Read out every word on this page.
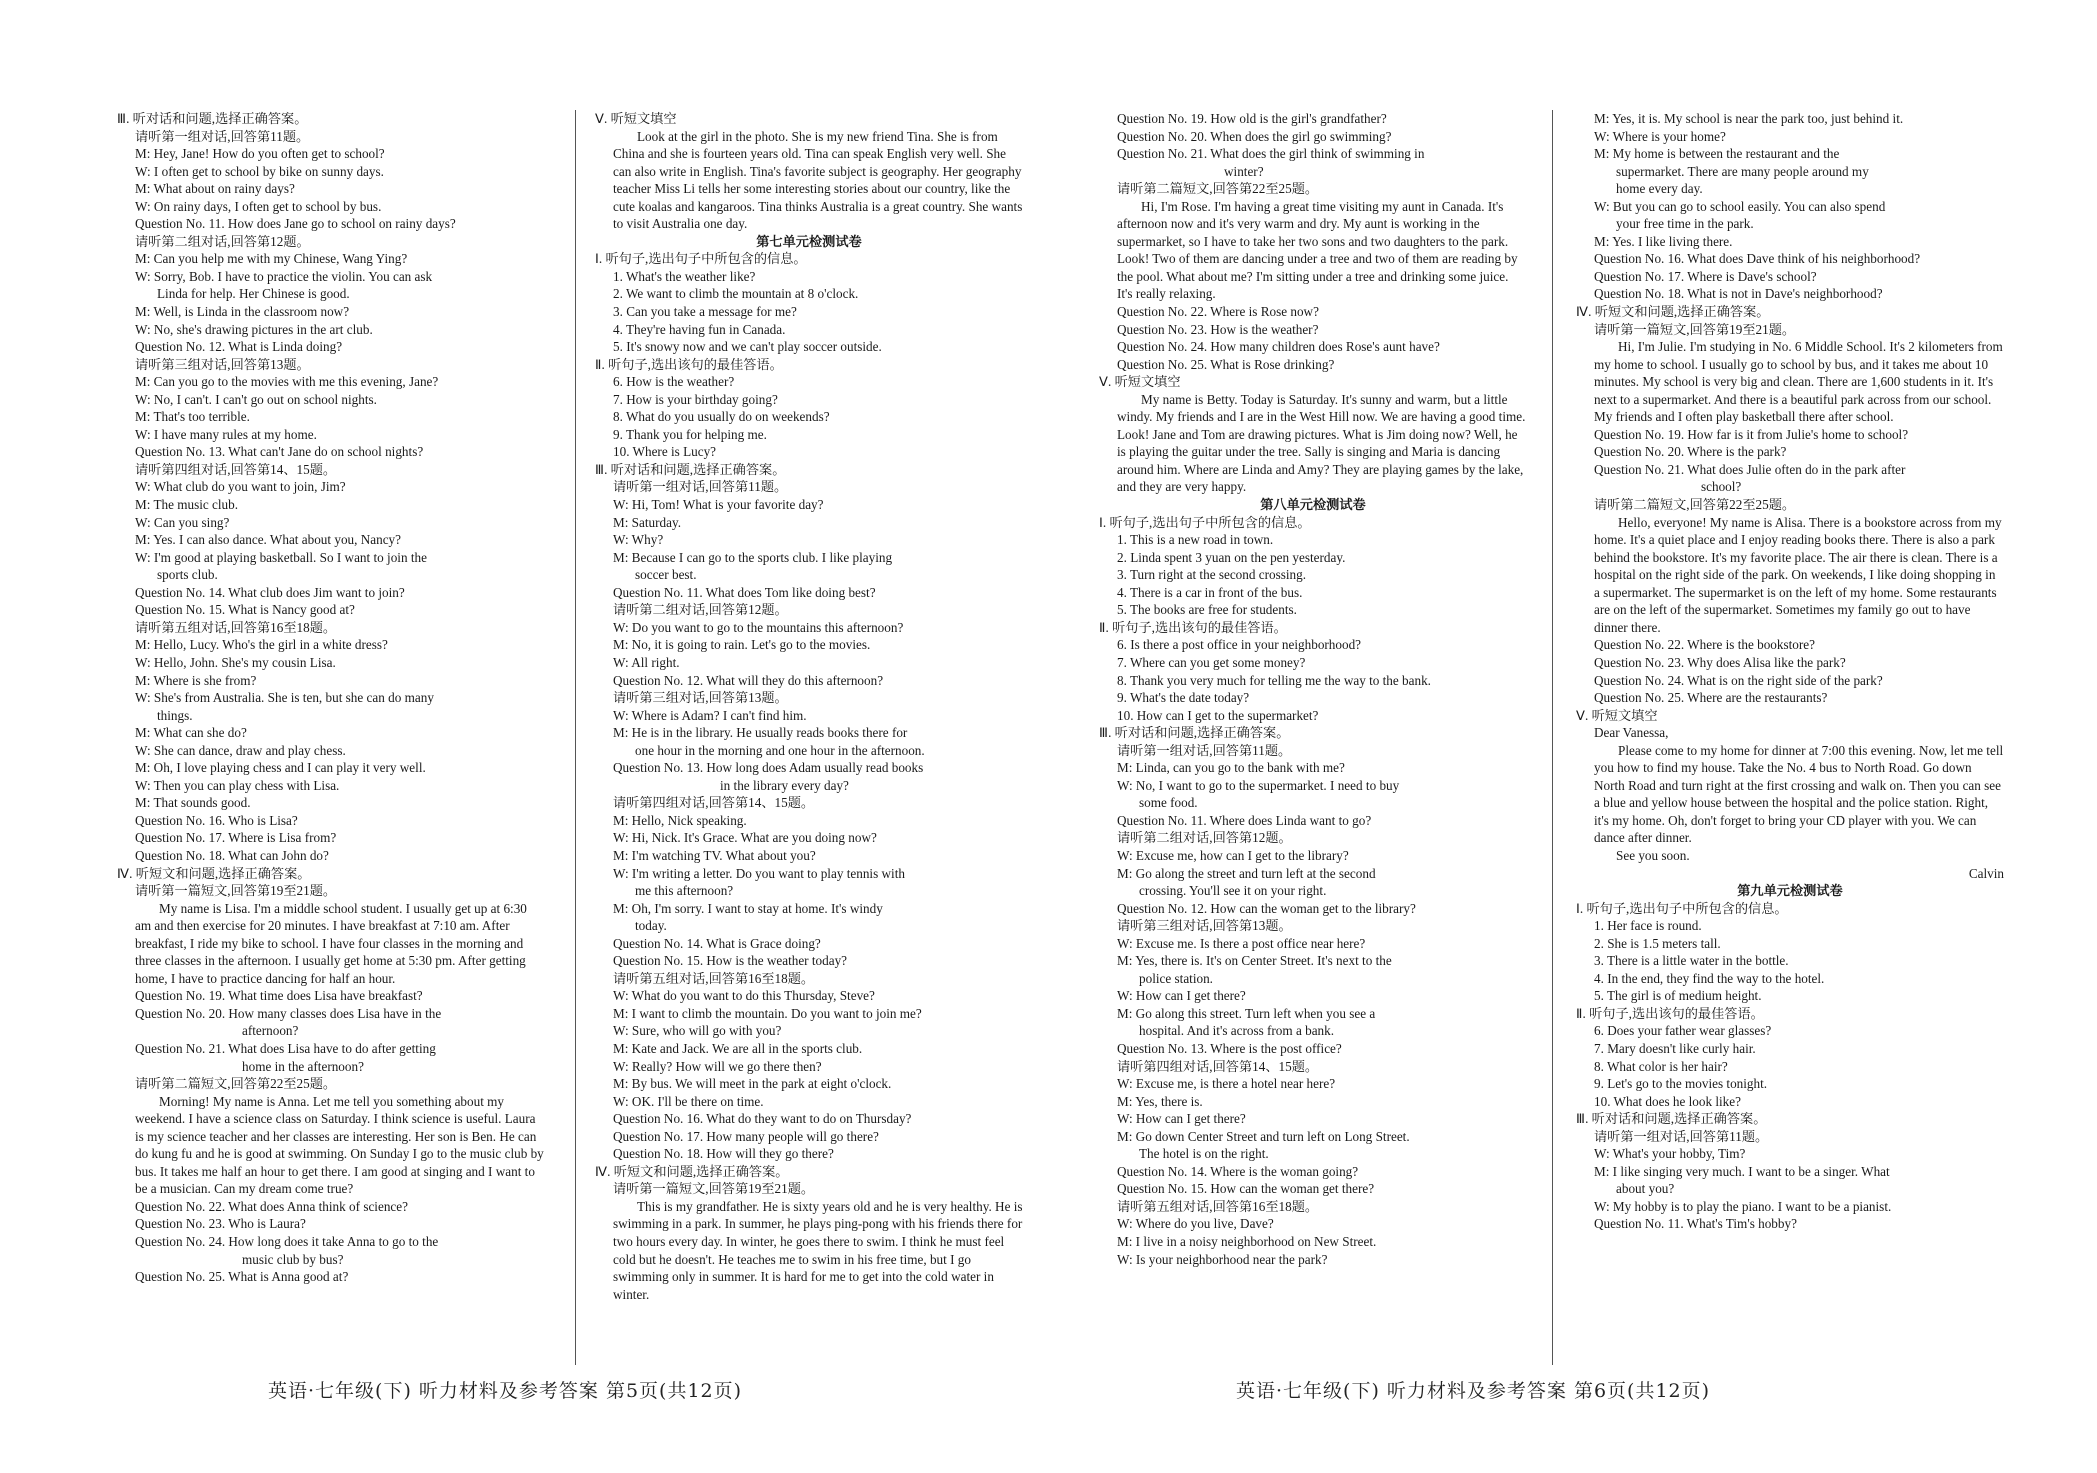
Ⅲ. 听对话和问题,选择正确答案。
请听第一组对话,回答第11题。
M: Hey, Jane! How do you often get to school?
W: I often get to school by bike on sunny days.
M: What about on rainy days?
W: On rainy days, I often get to school by bus.
Question No. 11. How does Jane go to school on rainy days?
请听第二组对话,回答第12题。
M: Can you help me with my Chinese, Wang Ying?
W: Sorry, Bob. I have to practice the violin. You can ask
Linda for help. Her Chinese is good.
M: Well, is Linda in the classroom now?
W: No, she's drawing pictures in the art club.
Question No. 12. What is Linda doing?
请听第三组对话,回答第13题。
M: Can you go to the movies with me this evening, Jane?
W: No, I can't. I can't go out on school nights.
M: That's too terrible.
W: I have many rules at my home.
Question No. 13. What can't Jane do on school nights?
请听第四组对话,回答第14、15题。
W: What club do you want to join, Jim?
M: The music club.
W: Can you sing?
M: Yes. I can also dance. What about you, Nancy?
W: I'm good at playing basketball. So I want to join the
sports club.
Question No. 14. What club does Jim want to join?
Question No. 15. What is Nancy good at?
请听第五组对话,回答第16至18题。
M: Hello, Lucy. Who's the girl in a white dress?
W: Hello, John. She's my cousin Lisa.
M: Where is she from?
W: She's from Australia. She is ten, but she can do many
things.
M: What can she do?
W: She can dance, draw and play chess.
M: Oh, I love playing chess and I can play it very well.
W: Then you can play chess with Lisa.
M: That sounds good.
Question No. 16. Who is Lisa?
Question No. 17. Where is Lisa from?
Question No. 18. What can John do?
Ⅳ. 听短文和问题,选择正确答案。
请听第一篇短文,回答第19至21题。
My name is Lisa. I'm a middle school student. I usually get up at 6:30 am and then exercise for 20 minutes. I have breakfast at 7:10 am. After breakfast, I ride my bike to school. I have four classes in the morning and three classes in the afternoon. I usually get home at 5:30 pm. After getting home, I have to practice dancing for half an hour.
Question No. 19. What time does Lisa have breakfast?
Question No. 20. How many classes does Lisa have in the
afternoon?
Question No. 21. What does Lisa have to do after getting
home in the afternoon?
请听第二篇短文,回答第22至25题。
Morning! My name is Anna. Let me tell you something about my weekend. I have a science class on Saturday. I think science is useful. Laura is my science teacher and her classes are interesting. Her son is Ben. He can do kung fu and he is good at swimming. On Sunday I go to the music club by bus. It takes me half an hour to get there. I am good at singing and I want to be a musician. Can my dream come true?
Question No. 22. What does Anna think of science?
Question No. 23. Who is Laura?
Question No. 24. How long does it take Anna to go to the
music club by bus?
Question No. 25. What is Anna good at?
Ⅴ. 听短文填空
Look at the girl in the photo. She is my new friend Tina. She is from China and she is fourteen years old. Tina can speak English very well. She can also write in English. Tina's favorite subject is geography. Her geography teacher Miss Li tells her some interesting stories about our country, like the cute koalas and kangaroos. Tina thinks Australia is a great country. She wants to visit Australia one day.
第七单元检测试卷
Ⅰ. 听句子,选出句子中所包含的信息。
1. What's the weather like?
2. We want to climb the mountain at 8 o'clock.
3. Can you take a message for me?
4. They're having fun in Canada.
5. It's snowy now and we can't play soccer outside.
Ⅱ. 听句子,选出该句的最佳答语。
6. How is the weather?
7. How is your birthday going?
8. What do you usually do on weekends?
9. Thank you for helping me.
10. Where is Lucy?
Ⅲ. 听对话和问题,选择正确答案。
请听第一组对话,回答第11题。
W: Hi, Tom! What is your favorite day?
M: Saturday.
W: Why?
M: Because I can go to the sports club. I like playing
soccer best.
Question No. 11. What does Tom like doing best?
请听第二组对话,回答第12题。
W: Do you want to go to the mountains this afternoon?
M: No, it is going to rain. Let's go to the movies.
W: All right.
Question No. 12. What will they do this afternoon?
请听第三组对话,回答第13题。
W: Where is Adam? I can't find him.
M: He is in the library. He usually reads books there for
one hour in the morning and one hour in the afternoon.
Question No. 13. How long does Adam usually read books
in the library every day?
请听第四组对话,回答第14、15题。
M: Hello, Nick speaking.
W: Hi, Nick. It's Grace. What are you doing now?
M: I'm watching TV. What about you?
W: I'm writing a letter. Do you want to play tennis with
me this afternoon?
M: Oh, I'm sorry. I want to stay at home. It's windy
today.
Question No. 14. What is Grace doing?
Question No. 15. How is the weather today?
请听第五组对话,回答第16至18题。
W: What do you want to do this Thursday, Steve?
M: I want to climb the mountain. Do you want to join me?
W: Sure, who will go with you?
M: Kate and Jack. We are all in the sports club.
W: Really? How will we go there then?
M: By bus. We will meet in the park at eight o'clock.
W: OK. I'll be there on time.
Question No. 16. What do they want to do on Thursday?
Question No. 17. How many people will go there?
Question No. 18. How will they go there?
Ⅳ. 听短文和问题,选择正确答案。
请听第一篇短文,回答第19至21题。
This is my grandfather. He is sixty years old and he is very healthy. He is swimming in a park. In summer, he plays ping-pong with his friends there for two hours every day. In winter, he goes there to swim. I think he must feel cold but he doesn't. He teaches me to swim in his free time, but I go swimming only in summer. It is hard for me to get into the cold water in winter.
Question No. 19. How old is the girl's grandfather?
Question No. 20. When does the girl go swimming?
Question No. 21. What does the girl think of swimming in
winter?
请听第二篇短文,回答第22至25题。
Hi, I'm Rose. I'm having a great time visiting my aunt in Canada. It's afternoon now and it's very warm and dry. My aunt is working in the supermarket, so I have to take her two sons and two daughters to the park. Look! Two of them are dancing under a tree and two of them are reading by the pool. What about me? I'm sitting under a tree and drinking some juice. It's really relaxing.
Question No. 22. Where is Rose now?
Question No. 23. How is the weather?
Question No. 24. How many children does Rose's aunt have?
Question No. 25. What is Rose drinking?
Ⅴ. 听短文填空
My name is Betty. Today is Saturday. It's sunny and warm, but a little windy. My friends and I are in the West Hill now. We are having a good time. Look! Jane and Tom are drawing pictures. What is Jim doing now? Well, he is playing the guitar under the tree. Sally is singing and Maria is dancing around him. Where are Linda and Amy? They are playing games by the lake, and they are very happy.
第八单元检测试卷
Ⅰ. 听句子,选出句子中所包含的信息。
1. This is a new road in town.
2. Linda spent 3 yuan on the pen yesterday.
3. Turn right at the second crossing.
4. There is a car in front of the bus.
5. The books are free for students.
Ⅱ. 听句子,选出该句的最佳答语。
6. Is there a post office in your neighborhood?
7. Where can you get some money?
8. Thank you very much for telling me the way to the bank.
9. What's the date today?
10. How can I get to the supermarket?
Ⅲ. 听对话和问题,选择正确答案。
请听第一组对话,回答第11题。
M: Linda, can you go to the bank with me?
W: No, I want to go to the supermarket. I need to buy
some food.
Question No. 11. Where does Linda want to go?
请听第二组对话,回答第12题。
W: Excuse me, how can I get to the library?
M: Go along the street and turn left at the second
crossing. You'll see it on your right.
Question No. 12. How can the woman get to the library?
请听第三组对话,回答第13题。
W: Excuse me. Is there a post office near here?
M: Yes, there is. It's on Center Street. It's next to the
police station.
W: How can I get there?
M: Go along this street. Turn left when you see a
hospital. And it's across from a bank.
Question No. 13. Where is the post office?
请听第四组对话,回答第14、15题。
W: Excuse me, is there a hotel near here?
M: Yes, there is.
W: How can I get there?
M: Go down Center Street and turn left on Long Street.
The hotel is on the right.
Question No. 14. Where is the woman going?
Question No. 15. How can the woman get there?
请听第五组对话,回答第16至18题。
W: Where do you live, Dave?
M: I live in a noisy neighborhood on New Street.
W: Is your neighborhood near the park?
M: Yes, it is. My school is near the park too, just behind it.
W: Where is your home?
M: My home is between the restaurant and the
supermarket. There are many people around my
home every day.
W: But you can go to school easily. You can also spend
your free time in the park.
M: Yes. I like living there.
Question No. 16. What does Dave think of his neighborhood?
Question No. 17. Where is Dave's school?
Question No. 18. What is not in Dave's neighborhood?
Ⅳ. 听短文和问题,选择正确答案。
请听第一篇短文,回答第19至21题。
Hi, I'm Julie. I'm studying in No. 6 Middle School. It's 2 kilometers from my home to school. I usually go to school by bus, and it takes me about 10 minutes. My school is very big and clean. There are 1,600 students in it. It's next to a supermarket. And there is a beautiful park across from our school. My friends and I often play basketball there after school.
Question No. 19. How far is it from Julie's home to school?
Question No. 20. Where is the park?
Question No. 21. What does Julie often do in the park after
school?
请听第二篇短文,回答第22至25题。
Hello, everyone! My name is Alisa. There is a bookstore across from my home. It's a quiet place and I enjoy reading books there. There is also a park behind the bookstore. It's my favorite place. The air there is clean. There is a hospital on the right side of the park. On weekends, I like doing shopping in a supermarket. The supermarket is on the left of my home. Some restaurants are on the left of the supermarket. Sometimes my family go out to have dinner there.
Question No. 22. Where is the bookstore?
Question No. 23. Why does Alisa like the park?
Question No. 24. What is on the right side of the park?
Question No. 25. Where are the restaurants?
Ⅴ. 听短文填空
Dear Vanessa,
Please come to my home for dinner at 7:00 this evening. Now, let me tell you how to find my house. Take the No. 4 bus to North Road. Go down North Road and turn right at the first crossing and walk on. Then you can see a blue and yellow house between the hospital and the police station. Right, it's my home. Oh, don't forget to bring your CD player with you. We can dance after dinner.
See you soon.
Calvin
第九单元检测试卷
Ⅰ. 听句子,选出句子中所包含的信息。
1. Her face is round.
2. She is 1.5 meters tall.
3. There is a little water in the bottle.
4. In the end, they find the way to the hotel.
5. The girl is of medium height.
Ⅱ. 听句子,选出该句的最佳答语。
6. Does your father wear glasses?
7. Mary doesn't like curly hair.
8. What color is her hair?
9. Let's go to the movies tonight.
10. What does he look like?
Ⅲ. 听对话和问题,选择正确答案。
请听第一组对话,回答第11题。
W: What's your hobby, Tim?
M: I like singing very much. I want to be a singer. What
about you?
W: My hobby is to play the piano. I want to be a pianist.
Question No. 11. What's Tim's hobby?
英语·七年级(下) 听力材料及参考答案 第5页(共12页)	英语·七年级(下) 听力材料及参考答案 第6页(共12页)
